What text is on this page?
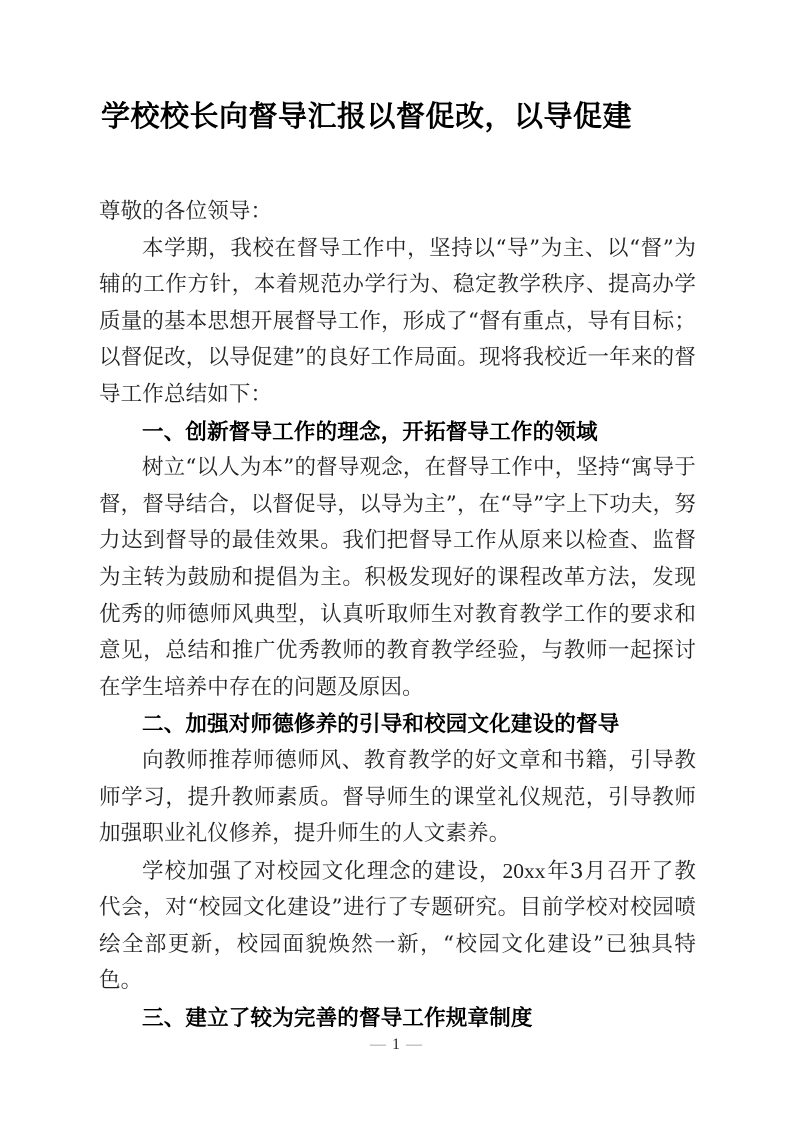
学校校长向督导汇报以督促改，以导促建

尊敬的各位领导：

本学期，我校在督导工作中，坚持以“导”为主、以“督”为辅的工作方针，本着规范办学行为、稳定教学秩序、提高办学质量的基本思想开展督导工作，形成了“督有重点，导有目标；以督促改，以导促建”的良好工作局面。现将我校近一年来的督导工作总结如下：

一、创新督导工作的理念，开拓督导工作的领域

树立“以人为本”的督导观念，在督导工作中，坚持“寓导于督，督导结合，以督促导，以导为主”，在“导”字上下功夫，努力达到督导的最佳效果。我们把督导工作从原来以检查、监督为主转为鼓励和提倡为主。积极发现好的课程改革方法，发现优秀的师德师风典型，认真听取师生对教育教学工作的要求和意见，总结和推广优秀教师的教育教学经验，与教师一起探讨在学生培养中存在的问题及原因。

二、加强对师德修养的引导和校园文化建设的督导

向教师推荐师德师风、教育教学的好文章和书籍，引导教师学习，提升教师素质。督导师生的课堂礼仪规范，引导教师加强职业礼仪修养，提升师生的人文素养。

学校加强了对校园文化理念的建设，20xx年3月召开了教代会，对“校园文化建设”进行了专题研究。目前学校对校园喷绘全部更新，校园面貌焕然一新，“校园文化建设”已独具特色。

三、建立了较为完善的督导工作规章制度
— 1 —
